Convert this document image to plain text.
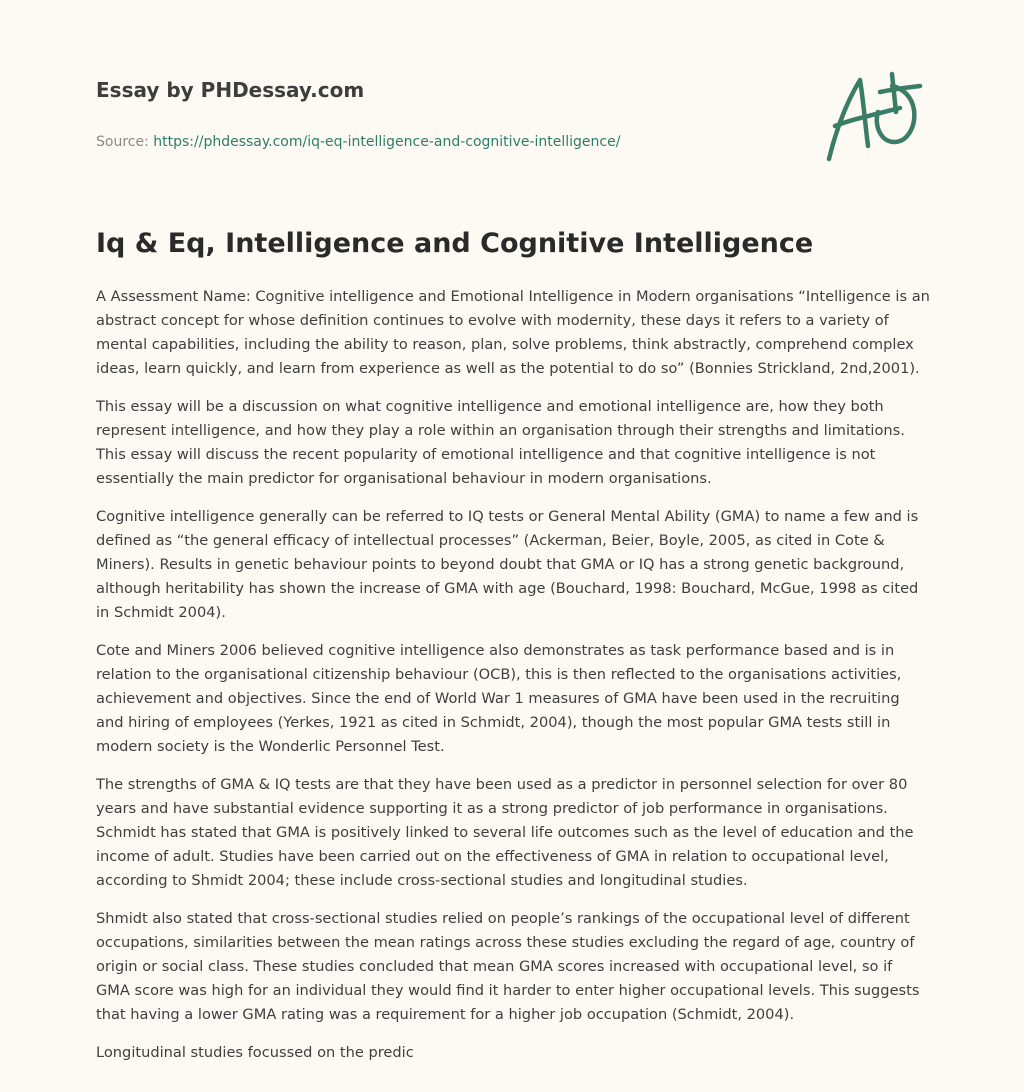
Essay by PHDessay.com
Source: https://phdessay.com/iq-eq-intelligence-and-cognitive-intelligence/
Iq & Eq, Intelligence and Cognitive Intelligence

A Assessment Name: Cognitive intelligence and Emotional Intelligence in Modern organisations “Intelligence is an abstract concept for whose definition continues to evolve with modernity, these days it refers to a variety of mental capabilities, including the ability to reason, plan, solve problems, think abstractly, comprehend complex ideas, learn quickly, and learn from experience as well as the potential to do so” (Bonnies Strickland, 2nd,2001).

This essay will be a discussion on what cognitive intelligence and emotional intelligence are, how they both represent intelligence, and how they play a role within an organisation through their strengths and limitations. This essay will discuss the recent popularity of emotional intelligence and that cognitive intelligence is not essentially the main predictor for organisational behaviour in modern organisations.

Cognitive intelligence generally can be referred to IQ tests or General Mental Ability (GMA) to name a few and is defined as “the general efficacy of intellectual processes” (Ackerman, Beier, Boyle, 2005, as cited in Cote & Miners). Results in genetic behaviour points to beyond doubt that GMA or IQ has a strong genetic background, although heritability has shown the increase of GMA with age (Bouchard, 1998: Bouchard, McGue, 1998 as cited in Schmidt 2004).

Cote and Miners 2006 believed cognitive intelligence also demonstrates as task performance based and is in relation to the organisational citizenship behaviour (OCB), this is then reflected to the organisations activities, achievement and objectives. Since the end of World War 1 measures of GMA have been used in the recruiting and hiring of employees (Yerkes, 1921 as cited in Schmidt, 2004), though the most popular GMA tests still in modern society is the Wonderlic Personnel Test.

The strengths of GMA & IQ tests are that they have been used as a predictor in personnel selection for over 80 years and have substantial evidence supporting it as a strong predictor of job performance in organisations. Schmidt has stated that GMA is positively linked to several life outcomes such as the level of education and the income of adult. Studies have been carried out on the effectiveness of GMA in relation to occupational level, according to Shmidt 2004; these include cross-sectional studies and longitudinal studies.

Shmidt also stated that cross-sectional studies relied on people’s rankings of the occupational level of different occupations, similarities between the mean ratings across these studies excluding the regard of age, country of origin or social class. These studies concluded that mean GMA scores increased with occupational level, so if GMA score was high for an individual they would find it harder to enter higher occupational levels. This suggests that having a lower GMA rating was a requirement for a higher job occupation (Schmidt, 2004).

Longitudinal studies focussed on the predic
